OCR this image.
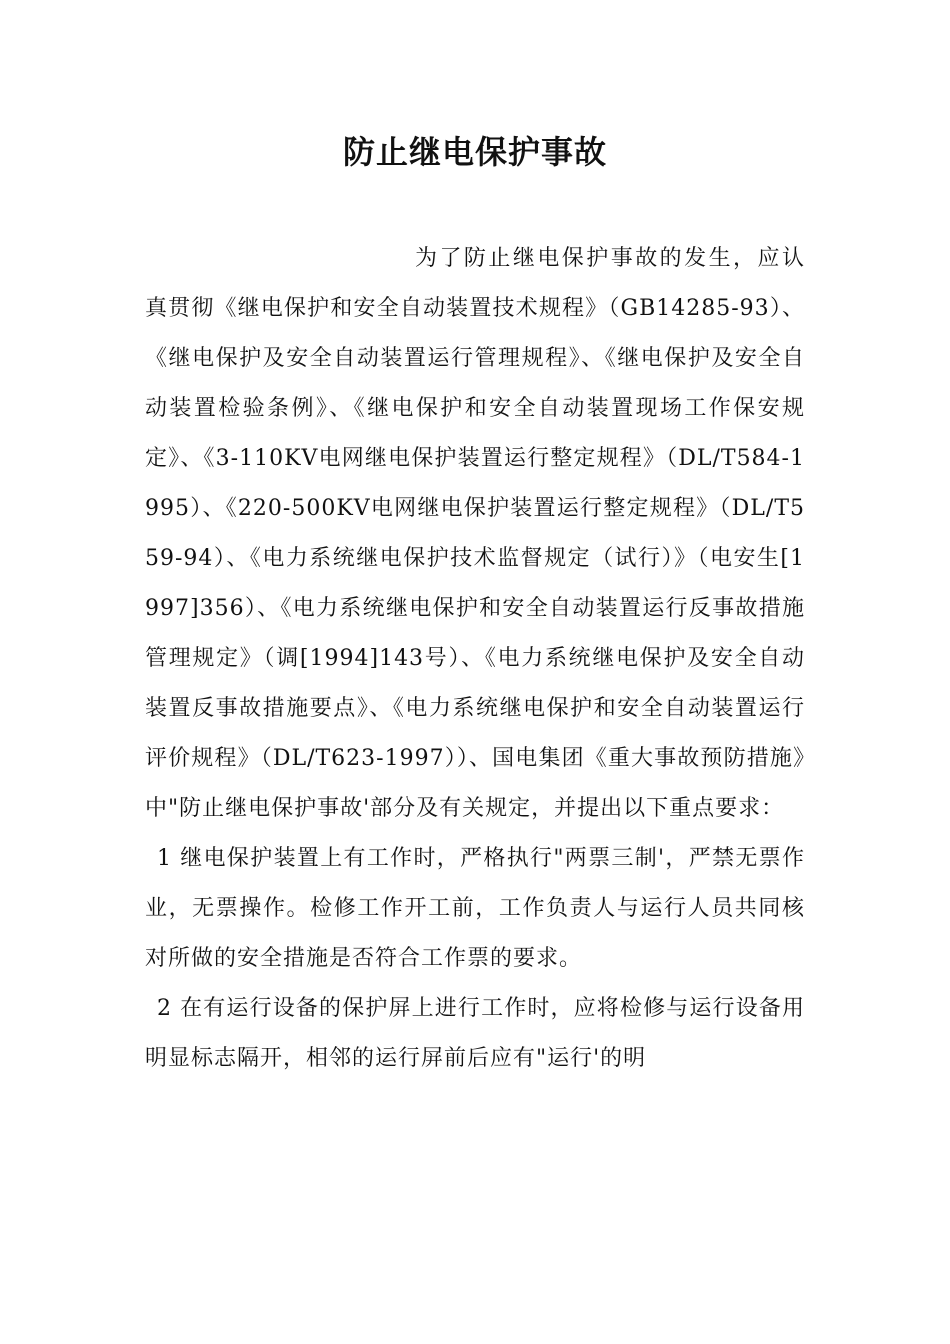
防止继电保护事故

为了防止继电保护事故的发生，应认真贯彻《继电保护和安全自动装置技术规程》（GB14285-93）、《继电保护及安全自动装置运行管理规程》、《继电保护及安全自动装置检验条例》、《继电保护和安全自动装置现场工作保安规定》、《3-110KV电网继电保护装置运行整定规程》（DL/T584-1995）、《220-500KV电网继电保护装置运行整定规程》（DL/T559-94）、《电力系统继电保护技术监督规定（试行）》（电安生[1997]356）、《电力系统继电保护和安全自动装置运行反事故措施管理规定》（调[1994]143号）、《电力系统继电保护及安全自动装置反事故措施要点》、《电力系统继电保护和安全自动装置运行评价规程》（DL/T623-1997））、国电集团《重大事故预防措施》中"防止继电保护事故'部分及有关规定，并提出以下重点要求：

1 继电保护装置上有工作时，严格执行"两票三制'，严禁无票作业，无票操作。检修工作开工前，工作负责人与运行人员共同核对所做的安全措施是否符合工作票的要求。

2 在有运行设备的保护屏上进行工作时，应将检修与运行设备用明显标志隔开，相邻的运行屏前后应有"运行'的明
